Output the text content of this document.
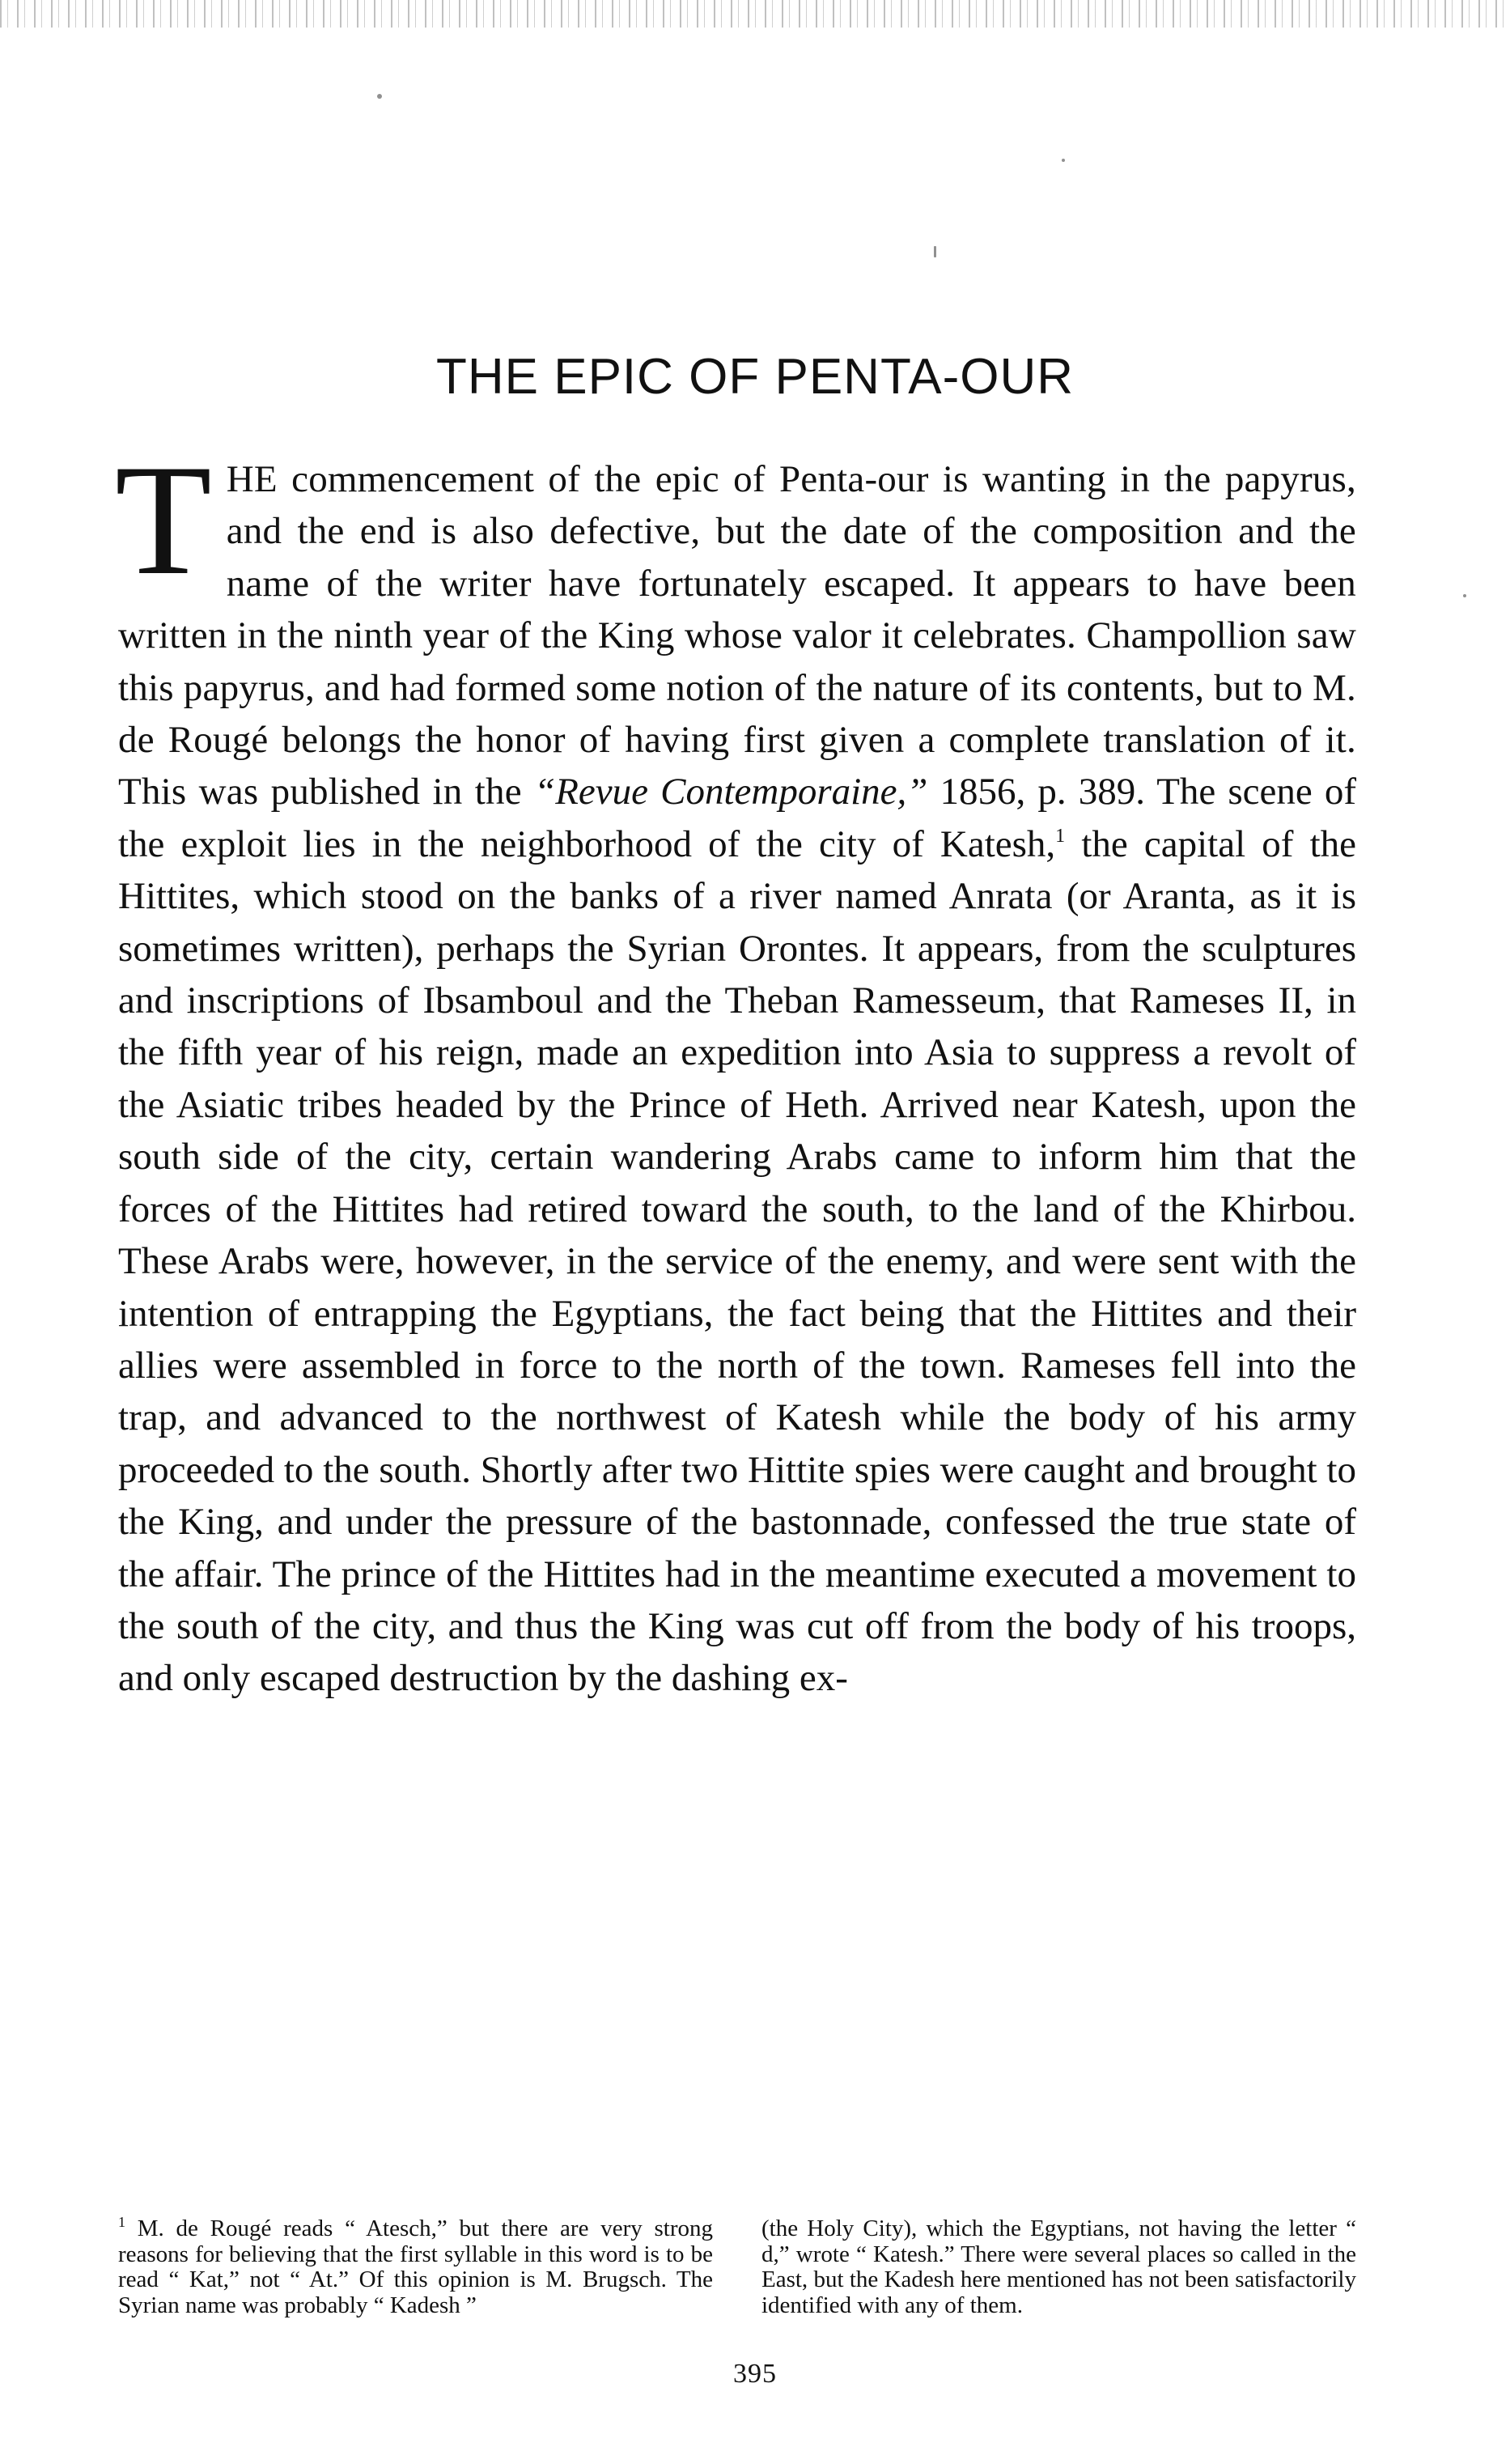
THE EPIC OF PENTA-OUR

T HE commencement of the epic of Penta-our is wanting in the papyrus, and the end is also defective, but the date of the composition and the name of the writer have fortunately escaped. It appears to have been written in the ninth year of the King whose valor it celebrates. Champollion saw this papyrus, and had formed some notion of the nature of its contents, but to M. de Rougé belongs the honor of having first given a complete translation of it. This was published in the “Revue Contemporaine,” 1856, p. 389. The scene of the exploit lies in the neighborhood of the city of Katesh,$^1$ the capital of the Hittites, which stood on the banks of a river named Anrata (or Aranta, as it is sometimes written), perhaps the Syrian Orontes. It appears, from the sculptures and inscriptions of Ibsamboul and the Theban Ramesseum, that Rameses II, in the fifth year of his reign, made an expedition into Asia to suppress a revolt of the Asiatic tribes headed by the Prince of Heth. Arrived near Katesh, upon the south side of the city, certain wandering Arabs came to inform him that the forces of the Hittites had retired toward the south, to the land of the Khirbou. These Arabs were, however, in the service of the enemy, and were sent with the intention of entrapping the Egyptians, the fact being that the Hittites and their allies were assembled in force to the north of the town. Rameses fell into the trap, and advanced to the northwest of Katesh while the body of his army proceeded to the south. Shortly after two Hittite spies were caught and brought to the King, and under the pressure of the bastonnade, confessed the true state of the affair. The prince of the Hittites had in the meantime executed a movement to the south of the city, and thus the King was cut off from the body of his troops, and only escaped destruction by the dashing ex-

$^1$ M. de Rougé reads “ Atesch,” but there are very strong reasons for believing that the first syllable in this word is to be read “ Kat,” not “ At.” Of this opinion is M. Brugsch. The Syrian name was probably “ Kadesh ”

(the Holy City), which the Egyptians, not having the letter “ d,” wrote “ Katesh.” There were several places so called in the East, but the Kadesh here mentioned has not been satisfactorily identified with any of them.

395
